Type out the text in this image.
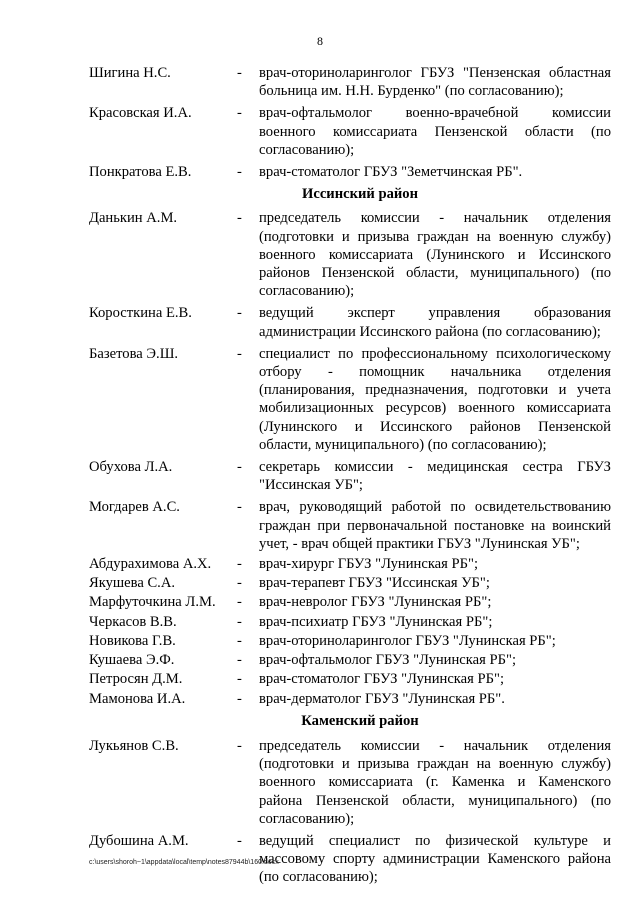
8
Шигина Н.С.	-	врач-оториноларинголог ГБУЗ "Пензенская областная больница им. Н.Н. Бурденко" (по согласованию);
Красовская И.А.	-	врач-офтальмолог военно-врачебной комиссии военного комиссариата Пензенской области (по согласованию);
Понкратова Е.В.	-	врач-стоматолог ГБУЗ "Земетчинская РБ".
Иссинский район
Данькин А.М.	-	председатель комиссии - начальник отделения (подготовки и призыва граждан на военную службу) военного комиссариата (Лунинского и Иссинского районов Пензенской области, муниципального) (по согласованию);
Коросткина Е.В.	-	ведущий эксперт управления образования администрации Иссинского района (по согласованию);
Базетова Э.Ш.	-	специалист по профессиональному психологическому отбору - помощник начальника отделения (планирования, предназначения, подготовки и учета мобилизационных ресурсов) военного комиссариата (Лунинского и Иссинского районов Пензенской области, муниципального) (по согласованию);
Обухова Л.А.	-	секретарь комиссии - медицинская сестра ГБУЗ "Иссинская УБ";
Могдарев А.С.	-	врач, руководящий работой по освидетельствованию граждан при первоначальной постановке на воинский учет, - врач общей практики ГБУЗ "Лунинская УБ";
Абдурахимова А.Х.	-	врач-хирург ГБУЗ "Лунинская РБ";
Якушева С.А.	-	врач-терапевт ГБУЗ "Иссинская УБ";
Марфуточкина Л.М.	-	врач-невролог ГБУЗ "Лунинская РБ";
Черкасов В.В.	-	врач-психиатр ГБУЗ "Лунинская РБ";
Новикова Г.В.	-	врач-оториноларинголог ГБУЗ "Лунинская РБ";
Кушаева Э.Ф.	-	врач-офтальмолог ГБУЗ "Лунинская РБ";
Петросян Д.М.	-	врач-стоматолог ГБУЗ "Лунинская РБ";
Мамонова И.А.	-	врач-дерматолог ГБУЗ "Лунинская РБ".
Каменский район
Лукьянов С.В.	-	председатель комиссии - начальник отделения (подготовки и призыва граждан на военную службу) военного комиссариата (г. Каменка и Каменского района Пензенской области, муниципального) (по согласованию);
Дубошина А.М.	-	ведущий специалист по физической культуре и массовому спорту администрации Каменского района (по согласованию);
c:\users\shoroh~1\appdata\local\temp\notes87944b\160.docx
